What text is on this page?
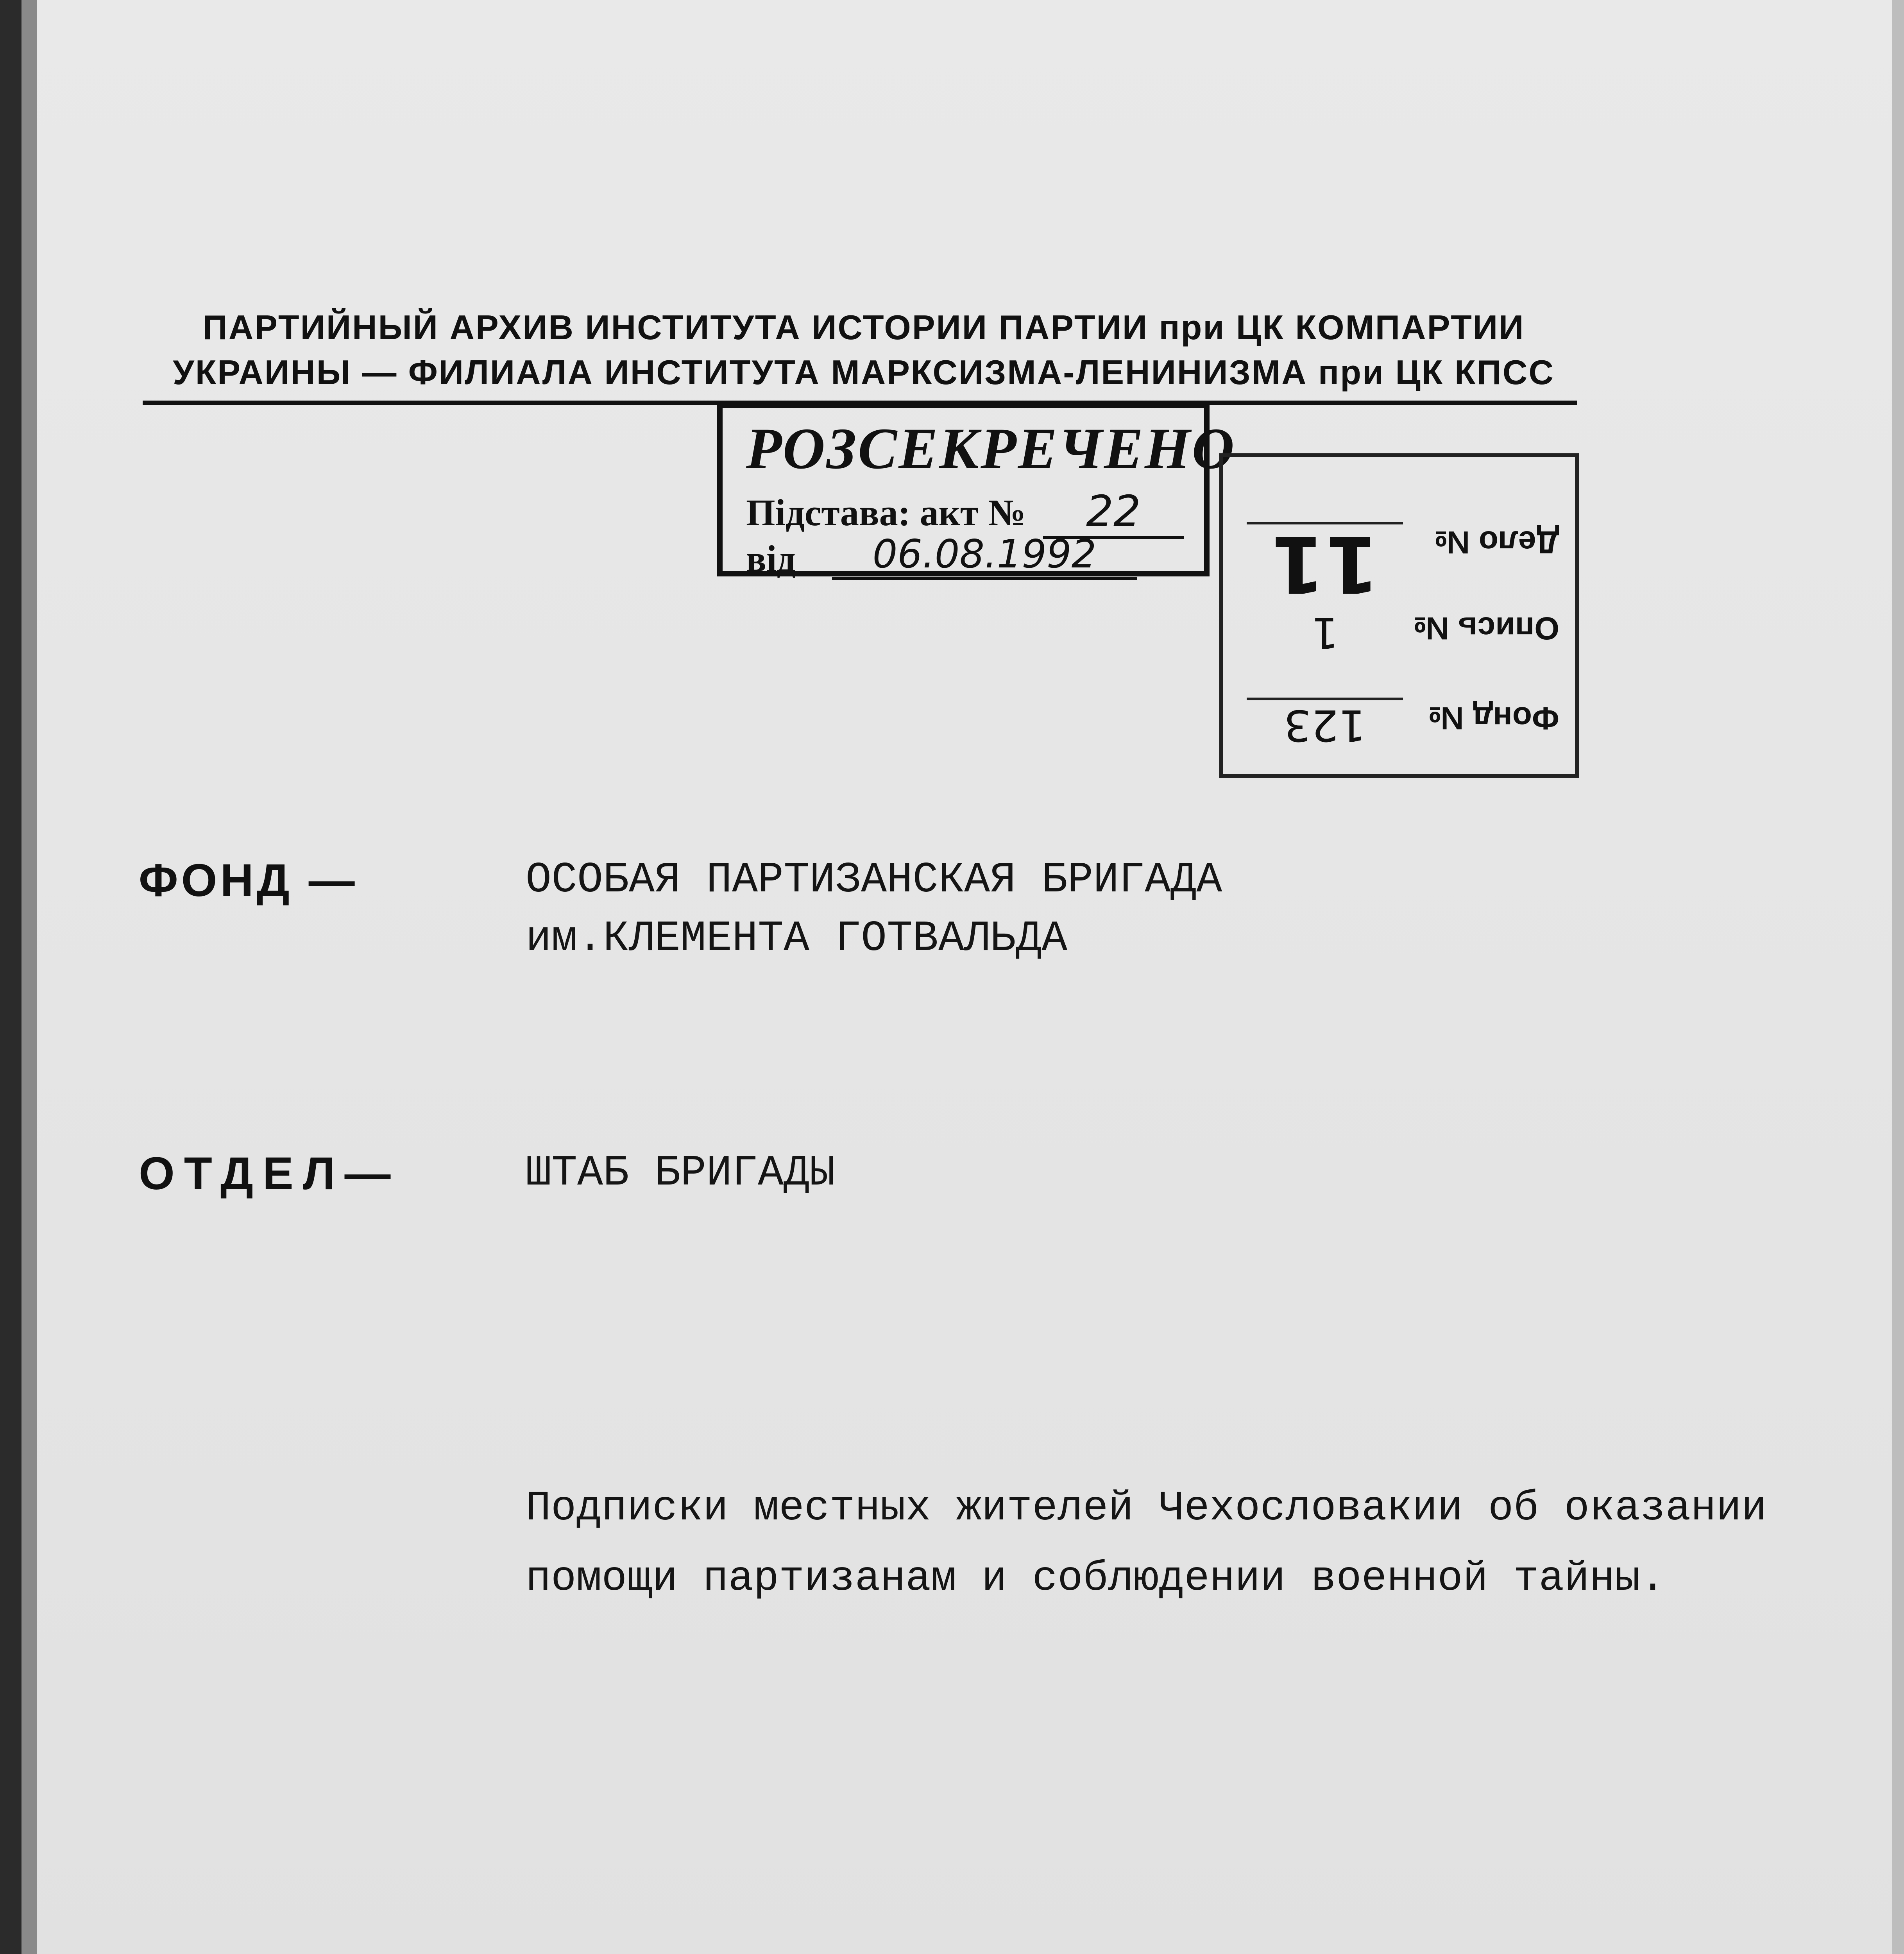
ПАРТИЙНЫЙ АРХИВ ИНСТИТУТА ИСТОРИИ ПАРТИИ при ЦК КОМПАРТИИ
УКРАИНЫ — ФИЛИАЛА ИНСТИТУТА МАРКСИЗМА-ЛЕНИНИЗМА при ЦК КПСС
РОЗСЕКРЕЧЕНО
Підстава: акт №	22
від	06.08.1992
Фонд №
123
Опись №
1
Дело №
11
ФОНД —	ОСОБАЯ ПАРТИЗАНСКАЯ БРИГАДА
им.КЛЕМЕНТА ГОТВАЛЬДА
ОТДЕЛ—	ШТАБ БРИГАДЫ
Подписки местных жителей Чехословакии об оказании
помощи партизанам и соблюдении военной тайны.
